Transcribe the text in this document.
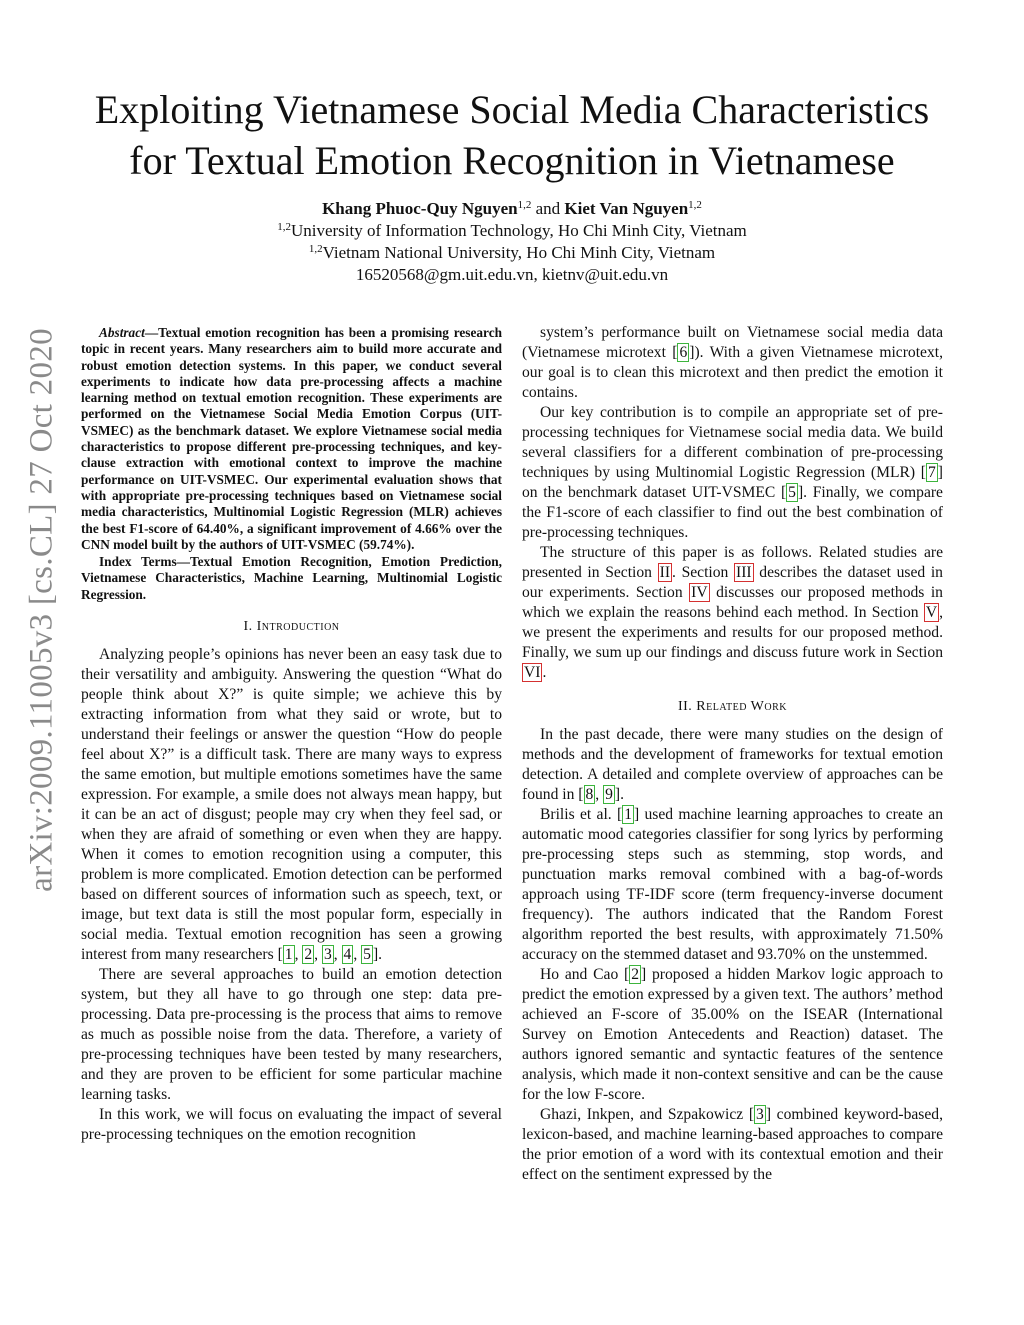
arXiv:2009.11005v3 [cs.CL] 27 Oct 2020
Exploiting Vietnamese Social Media Characteristics
for Textual Emotion Recognition in Vietnamese
Khang Phuoc-Quy Nguyen$^{1,2}$ and Kiet Van Nguyen$^{1,2}$
$^{1,2}$University of Information Technology, Ho Chi Minh City, Vietnam
$^{1,2}$Vietnam National University, Ho Chi Minh City, Vietnam
16520568@gm.uit.edu.vn, kietnv@uit.edu.vn

Abstract—Textual emotion recognition has been a promising research topic in recent years. Many researchers aim to build more accurate and robust emotion detection systems. In this paper, we conduct several experiments to indicate how data pre-processing affects a machine learning method on textual emotion recognition. These experiments are performed on the Vietnamese Social Media Emotion Corpus (UIT-VSMEC) as the benchmark dataset. We explore Vietnamese social media characteristics to propose different pre-processing techniques, and key-clause extraction with emotional context to improve the machine performance on UIT-VSMEC. Our experimental evaluation shows that with appropriate pre-processing techniques based on Vietnamese social media characteristics, Multinomial Logistic Regression (MLR) achieves the best F1-score of 64.40%, a significant improvement of 4.66% over the CNN model built by the authors of UIT-VSMEC (59.74%).

Index Terms—Textual Emotion Recognition, Emotion Prediction, Vietnamese Characteristics, Machine Learning, Multinomial Logistic Regression.

I. Introduction

Analyzing people’s opinions has never been an easy task due to their versatility and ambiguity. Answering the question “What do people think about X?” is quite simple; we achieve this by extracting information from what they said or wrote, but to understand their feelings or answer the question “How do people feel about X?” is a difficult task. There are many ways to express the same emotion, but multiple emotions sometimes have the same expression. For example, a smile does not always mean happy, but it can be an act of disgust; people may cry when they feel sad, or when they are afraid of something or even when they are happy. When it comes to emotion recognition using a computer, this problem is more complicated. Emotion detection can be performed based on different sources of information such as speech, text, or image, but text data is still the most popular form, especially in social media. Textual emotion recognition has seen a growing interest from many researchers [ 1 , 2 , 3 , 4 , 5 ].

There are several approaches to build an emotion detection system, but they all have to go through one step: data pre-processing. Data pre-processing is the process that aims to remove as much as possible noise from the data. Therefore, a variety of pre-processing techniques have been tested by many researchers, and they are proven to be efficient for some particular machine learning tasks.

In this work, we will focus on evaluating the impact of several pre-processing techniques on the emotion recognition

system’s performance built on Vietnamese social media data (Vietnamese microtext [ 6 ]). With a given Vietnamese microtext, our goal is to clean this microtext and then predict the emotion it contains.

Our key contribution is to compile an appropriate set of pre-processing techniques for Vietnamese social media data. We build several classifiers for a different combination of pre-processing techniques by using Multinomial Logistic Regression (MLR) [ 7 ] on the benchmark dataset UIT-VSMEC [ 5 ]. Finally, we compare the F1-score of each classifier to find out the best combination of pre-processing techniques.

The structure of this paper is as follows. Related studies are presented in Section II . Section III describes the dataset used in our experiments. Section IV discusses our proposed methods in which we explain the reasons behind each method. In Section V , we present the experiments and results for our proposed method. Finally, we sum up our findings and discuss future work in Section VI .

II. Related Work

In the past decade, there were many studies on the design of methods and the development of frameworks for textual emotion detection. A detailed and complete overview of approaches can be found in [ 8 , 9 ].

Brilis et al. [ 1 ] used machine learning approaches to create an automatic mood categories classifier for song lyrics by performing pre-processing steps such as stemming, stop words, and punctuation marks removal combined with a bag-of-words approach using TF-IDF score (term frequency-inverse document frequency). The authors indicated that the Random Forest algorithm reported the best results, with approximately 71.50% accuracy on the stemmed dataset and 93.70% on the unstemmed.

Ho and Cao [ 2 ] proposed a hidden Markov logic approach to predict the emotion expressed by a given text. The authors’ method achieved an F-score of 35.00% on the ISEAR (International Survey on Emotion Antecedents and Reaction) dataset. The authors ignored semantic and syntactic features of the sentence analysis, which made it non-context sensitive and can be the cause for the low F-score.

Ghazi, Inkpen, and Szpakowicz [ 3 ] combined keyword-based, lexicon-based, and machine learning-based approaches to compare the prior emotion of a word with its contextual emotion and their effect on the sentiment expressed by the
